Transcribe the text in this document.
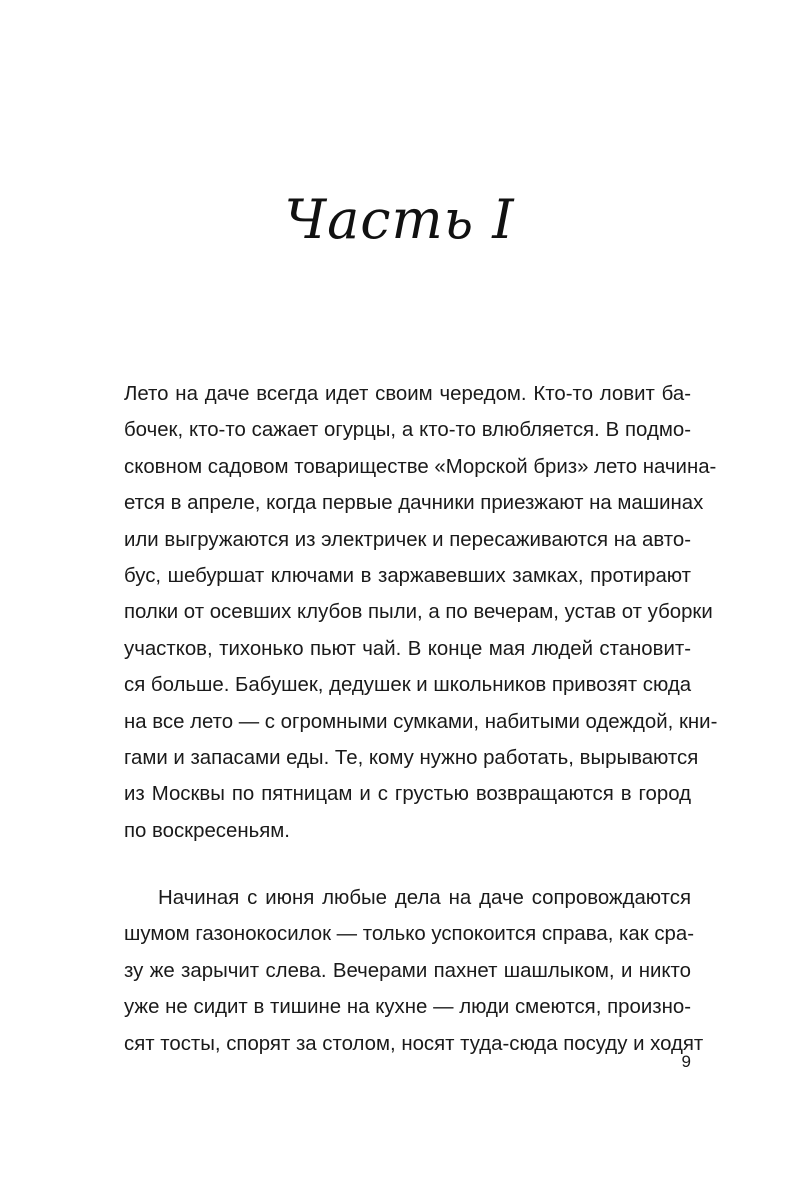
Часть I
Лето на даче всегда идет своим чередом. Кто-то ловит ба-
бочек, кто-то сажает огурцы, а кто-то влюбляется. В подмо-
сковном садовом товариществе «Морской бриз» лето начина-
ется в апреле, когда первые дачники приезжают на машинах
или выгружаются из электричек и пересаживаются на авто-
бус, шебуршат ключами в заржавевших замках, протирают
полки от осевших клубов пыли, а по вечерам, устав от уборки
участков, тихонько пьют чай. В конце мая людей становит-
ся больше. Бабушек, дедушек и школьников привозят сюда
на все лето — с огромными сумками, набитыми одеждой, кни-
гами и запасами еды. Те, кому нужно работать, вырываются
из Москвы по пятницам и с грустью возвращаются в город
по воскресеньям.
Начиная с июня любые дела на даче сопровождаются
шумом газонокосилок — только успокоится справа, как сра-
зу же зарычит слева. Вечерами пахнет шашлыком, и никто
уже не сидит в тишине на кухне — люди смеются, произно-
сят тосты, спорят за столом, носят туда-сюда посуду и ходят
9
